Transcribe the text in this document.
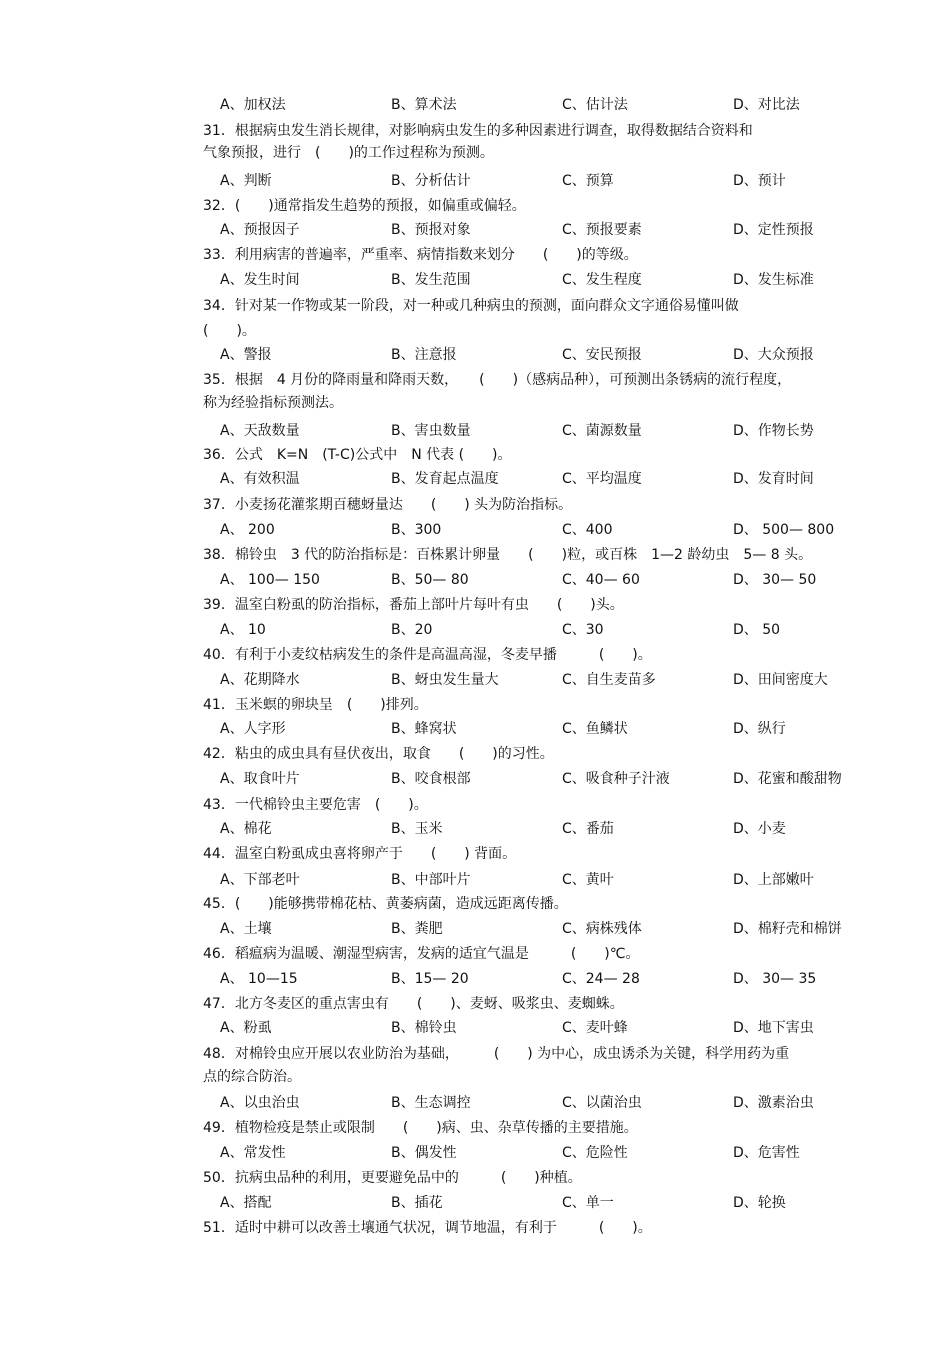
A、加权法	B、算术法	C、估计法	D、对比法
31．根据病虫发生消长规律，对影响病虫发生的多种因素进行调查，取得数据结合资料和
气象预报，进行　(　　)的工作过程称为预测。
A、判断	B、分析估计	C、预算	D、预计
32．(　　)通常指发生趋势的预报，如偏重或偏轻。
A、预报因子	B、预报对象	C、预报要素	D、定性预报
33．利用病害的普遍率，严重率、病情指数来划分　　(　　)的等级。
A、发生时间	B、发生范围	C、发生程度	D、发生标准
34．针对某一作物或某一阶段，对一种或几种病虫的预测，面向群众文字通俗易懂叫做
(　　)。
A、警报	B、注意报	C、安民预报	D、大众预报
35．根据　4 月份的降雨量和降雨天数，　　(　　)（感病品种），可预测出条锈病的流行程度，
称为经验指标预测法。
A、天敌数量	B、害虫数量	C、菌源数量	D、作物长势
36．公式　K=N　(T-C)公式中　N 代表 (　　)。
A、有效积温	B、发育起点温度	C、平均温度	D、发育时间
37．小麦扬花灌浆期百穗蚜量达　　(　　) 头为防治指标。
A、 200	B、300	C、400	D、 500— 800
38．棉铃虫　3 代的防治指标是：百株累计卵量　　(　　)粒，或百株　1—2 龄幼虫　5— 8 头。
A、 100— 150	B、50— 80	C、40— 60	D、 30— 50
39．温室白粉虱的防治指标，番茄上部叶片每叶有虫　　(　　)头。
A、 10	B、20	C、30	D、 50
40．有利于小麦纹枯病发生的条件是高温高湿，冬麦早播　　　(　　)。
A、花期降水	B、蚜虫发生量大	C、自生麦苗多	D、田间密度大
41．玉米螟的卵块呈　(　　)排列。
A、人字形	B、蜂窝状	C、鱼鳞状	D、纵行
42．粘虫的成虫具有昼伏夜出，取食　　(　　)的习性。
A、取食叶片	B、咬食根部	C、吸食种子汁液	D、花蜜和酸甜物
43．一代棉铃虫主要危害　(　　)。
A、棉花	B、玉米	C、番茄	D、小麦
44．温室白粉虱成虫喜将卵产于　　(　　) 背面。
A、下部老叶	B、中部叶片	C、黄叶	D、上部嫩叶
45．(　　)能够携带棉花枯、黄萎病菌，造成远距离传播。
A、土壤	B、粪肥	C、病株残体	D、棉籽壳和棉饼
46．稻瘟病为温暖、潮湿型病害，发病的适宜气温是　　　(　　)℃。
A、 10—15	B、15— 20	C、24— 28	D、 30— 35
47．北方冬麦区的重点害虫有　　(　　)、麦蚜、吸浆虫、麦蜘蛛。
A、粉虱	B、棉铃虫	C、麦叶蜂	D、地下害虫
48．对棉铃虫应开展以农业防治为基础，　　　(　　) 为中心，成虫诱杀为关键，科学用药为重
点的综合防治。
A、以虫治虫	B、生态调控	C、以菌治虫	D、激素治虫
49．植物检疫是禁止或限制　　(　　)病、虫、杂草传播的主要措施。
A、常发性	B、偶发性	C、危险性	D、危害性
50．抗病虫品种的利用，更要避免品中的　　　(　　)种植。
A、搭配	B、插花	C、单一	D、轮换
51．适时中耕可以改善土壤通气状况，调节地温，有利于　　　(　　)。
